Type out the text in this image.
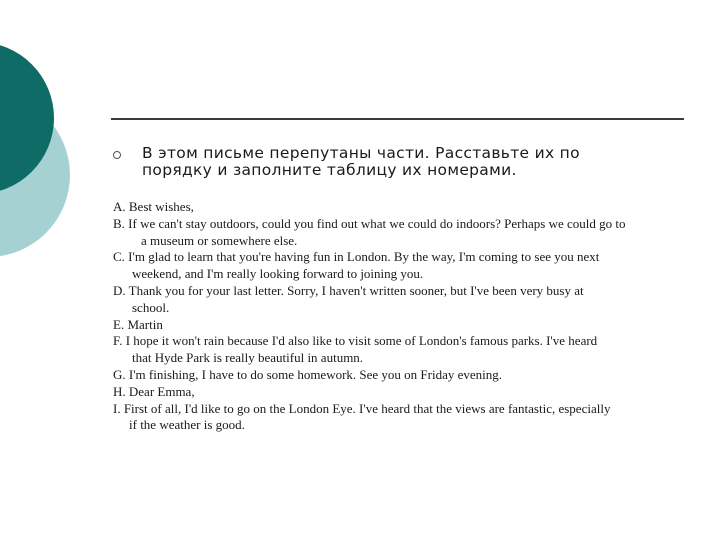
В этом письме перепутаны части. Расставьте их по
порядку и заполните таблицу их номерами.
A. Best wishes,
B. If we can't stay outdoors, could you find out what we could do indoors? Perhaps we could go to
a museum or somewhere else.
C. I'm glad to learn that you're having fun in London. By the way, I'm coming to see you next
weekend, and I'm really looking forward to joining you.
D. Thank you for your last letter. Sorry, I haven't written sooner, but I've been very busy at
school.
E. Martin
F. I hope it won't rain because I'd also like to visit some of London's famous parks. I've heard
that Hyde Park is really beautiful in autumn.
G. I'm finishing, I have to do some homework. See you on Friday evening.
H. Dear Emma,
I. First of all, I'd like to go on the London Eye. I've heard that the views are fantastic, especially
if the weather is good.
